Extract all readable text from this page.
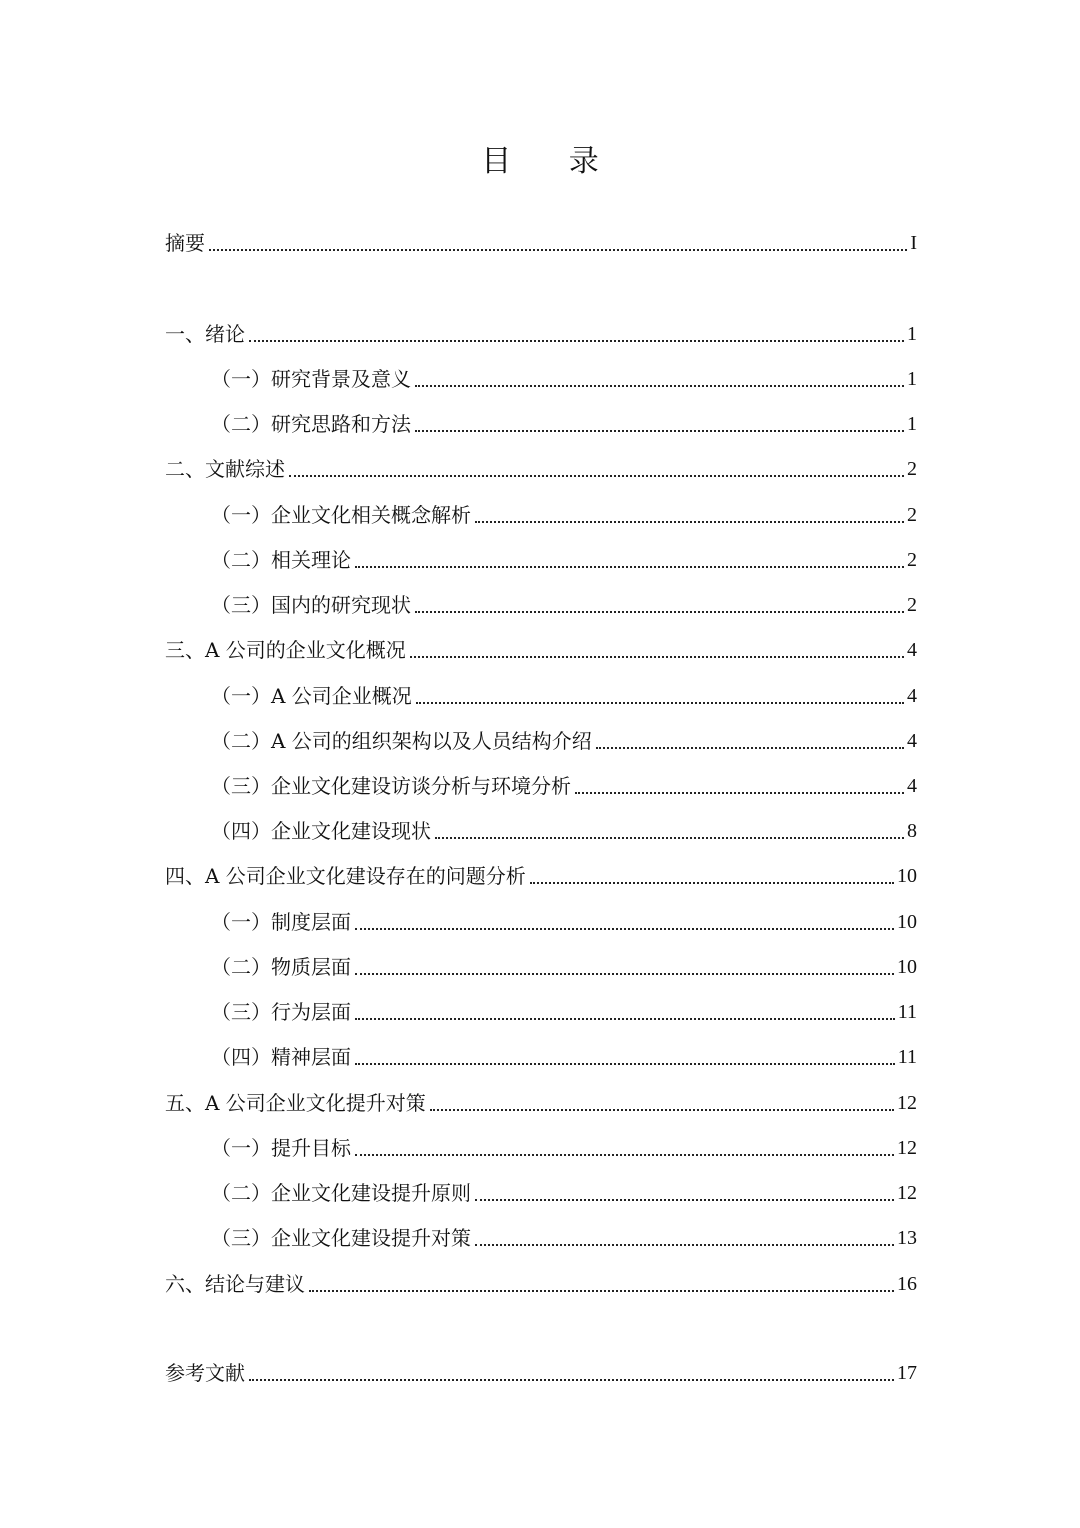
目 录
摘要	I
一、绪论	1
（一）研究背景及意义	1
（二）研究思路和方法	1
二、文献综述	2
（一）企业文化相关概念解析	2
（二）相关理论	2
（三）国内的研究现状	2
三、A 公司的企业文化概况	4
（一）A 公司企业概况	4
（二）A 公司的组织架构以及人员结构介绍	4
（三）企业文化建设访谈分析与环境分析	4
（四）企业文化建设现状	8
四、A 公司企业文化建设存在的问题分析	10
（一）制度层面	10
（二）物质层面	10
（三）行为层面	11
（四）精神层面	11
五、A 公司企业文化提升对策	12
（一）提升目标	12
（二）企业文化建设提升原则	12
（三）企业文化建设提升对策	13
六、结论与建议	16
参考文献	17
